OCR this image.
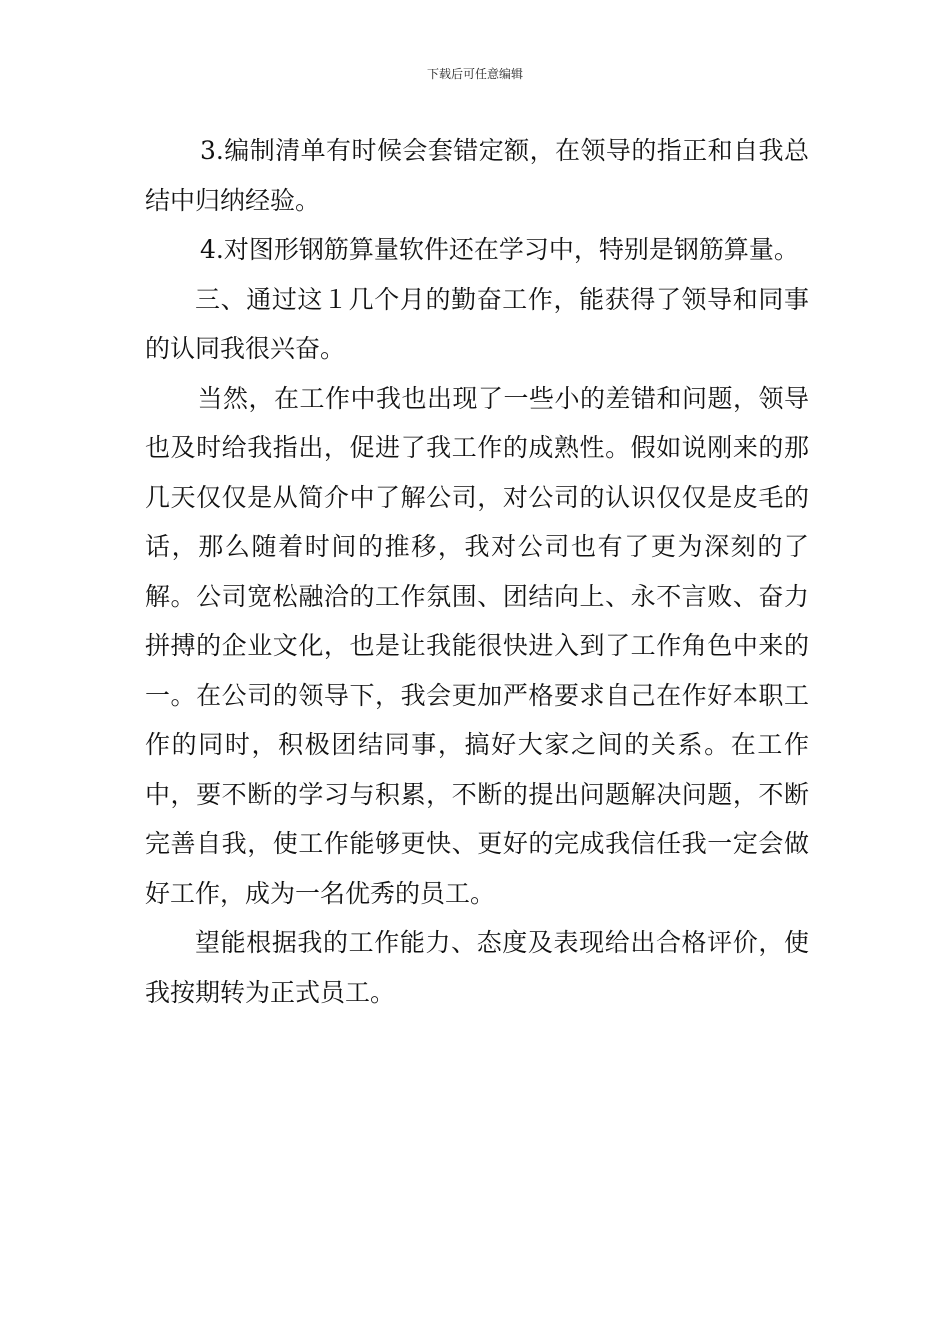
下载后可任意编辑

3.编制清单有时候会套错定额，在领导的指正和自我总结中归纳经验。

4.对图形钢筋算量软件还在学习中，特别是钢筋算量。

三、通过这１几个月的勤奋工作，能获得了领导和同事的认同我很兴奋。

当然，在工作中我也出现了一些小的差错和问题，领导也及时给我指出，促进了我工作的成熟性。假如说刚来的那几天仅仅是从简介中了解公司，对公司的认识仅仅是皮毛的话，那么随着时间的推移，我对公司也有了更为深刻的了解。公司宽松融洽的工作氛围、团结向上、永不言败、奋力拼搏的企业文化，也是让我能很快进入到了工作角色中来的一。在公司的领导下，我会更加严格要求自己在作好本职工作的同时，积极团结同事，搞好大家之间的关系。在工作中，要不断的学习与积累，不断的提出问题解决问题，不断完善自我，使工作能够更快、更好的完成我信任我一定会做好工作，成为一名优秀的员工。

望能根据我的工作能力、态度及表现给出合格评价，使我按期转为正式员工。
